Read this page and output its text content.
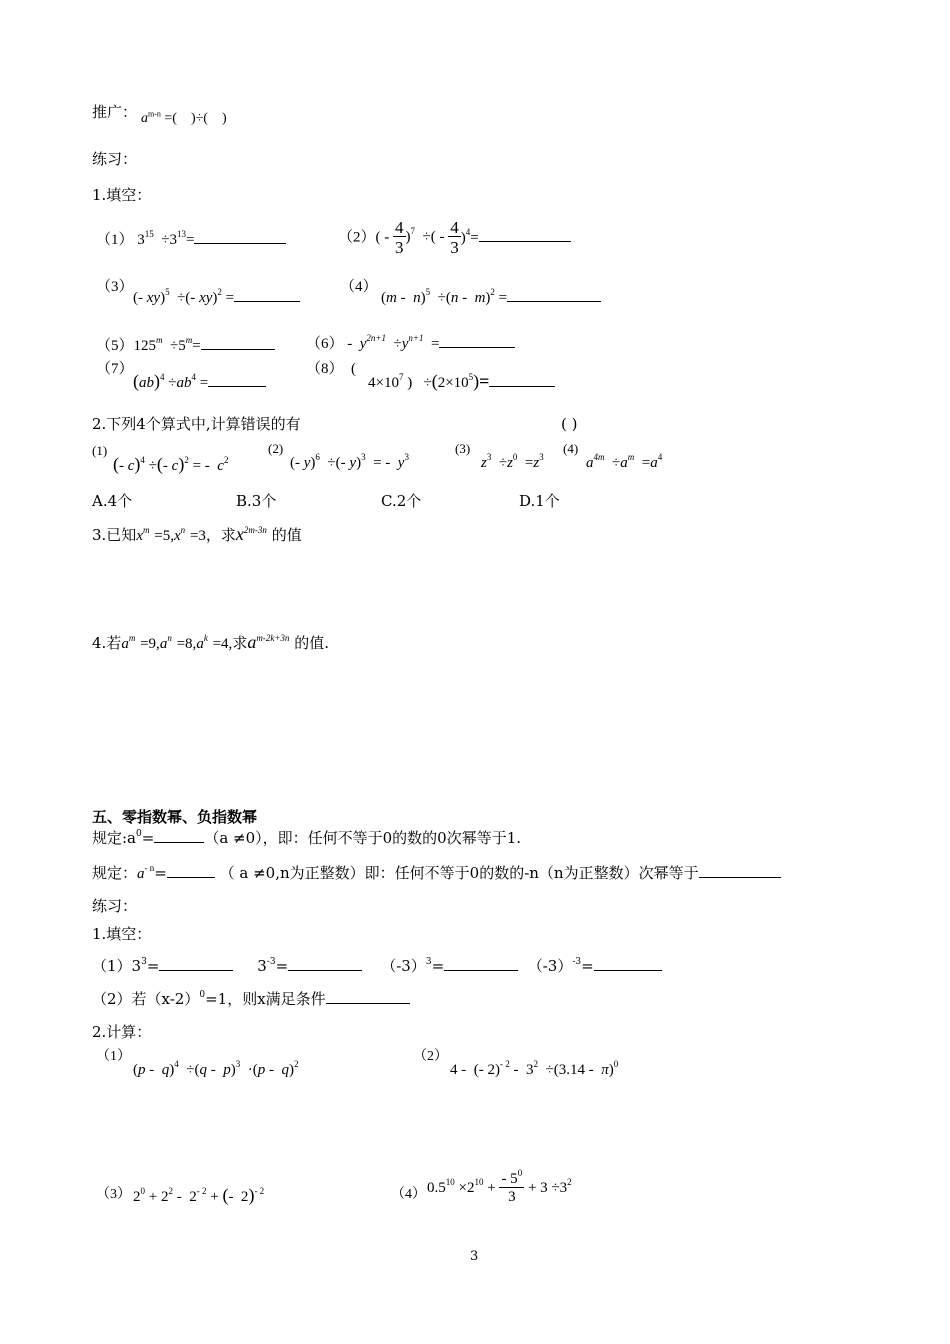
推广： $a^{m-n}$ =(    )÷(    )
练习：
1.填空：
（1） $3^{15} \div 3^{13}=$	$(2)( - \frac{4}{3} )^7$  ÷( - $\frac{4}{3} )^4=$
（3）
(- xy)$^5$  ÷(- xy)$^2$ =
（4）
(m -  n)$^5$  ÷(n -  m)$^2$ =
$(5)125^m \div 5^m=$	$(6) - y^{2n+1} \div y^{n+1}$  =
（7）
$(ab)^4 \div ab^4$ =
（8）  (
$4\times 10^7$ )   $\div(2\times 10^5)=$
2.下列4个算式中,计算错误的有	( )
(1)
(- c)$^4$ ÷(- c)$^2$ = -  $c^2$
(2)
(- y)$^6$  ÷(- y)$^3$  = -  $y^3$
(3)
$z^3 \div z^0 =z^3$
(4)
$a^{4m} \div a^m =a^4$
A.4个	B.3个	C.2个	D.1个
3.已知$x^m =5,x^n =3$，求$x^{2m-3n}$ 的值
4.若$a^m =9,a^n =8,a^k =4$,求$a^{m-2k+3n}$ 的值.
五、零指数幂、负指数幂
规定$:a^0=$	（a ≠0），即：任何不等于0的数的0次幂等于1.
规定：$a^{- n}=$	（ a ≠0,n为正整数）即：任何不等于0的数的-n（n为正整数）次幂等于
练习：
1.填空：
$(1)3^3=$	$3^{-3}=$	$(-3)^3=$	$(-3)^{-3}=$
（2）若$(x-2)^0=1$，则x满足条件
2.计算：
（1）
(p -  q)$^4$  ÷(q -  p)$^3$  ·(p -  q)$^2$	（2）
4 -  (- $2)^{- 2} - 3^2 \div(3.14 - \pi)^0$
（3） $2^0 + 2^2 - 2^{- 2}$ + (-  2)$^{- 2}$	（4） $0.5^{10} \times 2^{10} + \frac{- 5^0}{3} + 3 \div 3^2$
3
